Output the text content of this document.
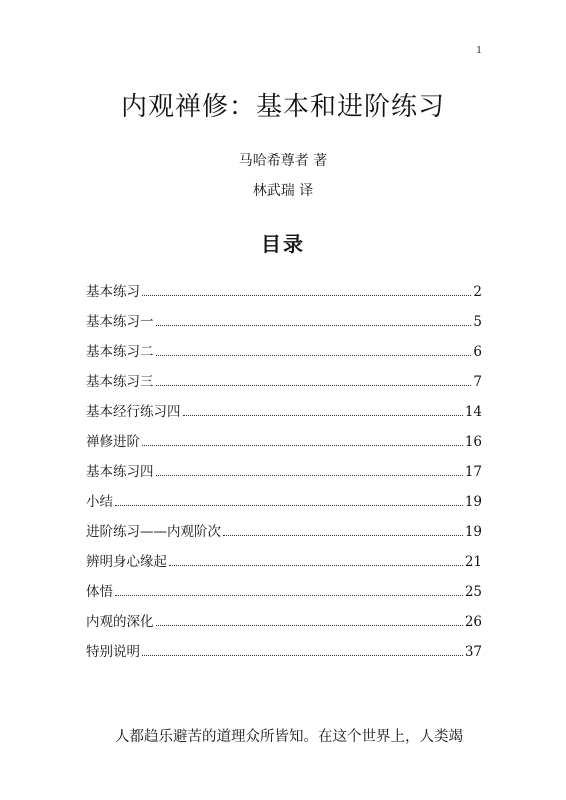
1
内观禅修：基本和进阶练习
马哈希尊者 著
林武瑞 译
目录
基本练习	2
基本练习一	5
基本练习二	6
基本练习三	7
基本经行练习四	14
禅修进阶	16
基本练习四	17
小结	19
进阶练习——内观阶次	19
辨明身心缘起	21
体悟	25
内观的深化	26
特别说明	37

人都趋乐避苦的道理众所皆知。在这个世界上，人类竭
